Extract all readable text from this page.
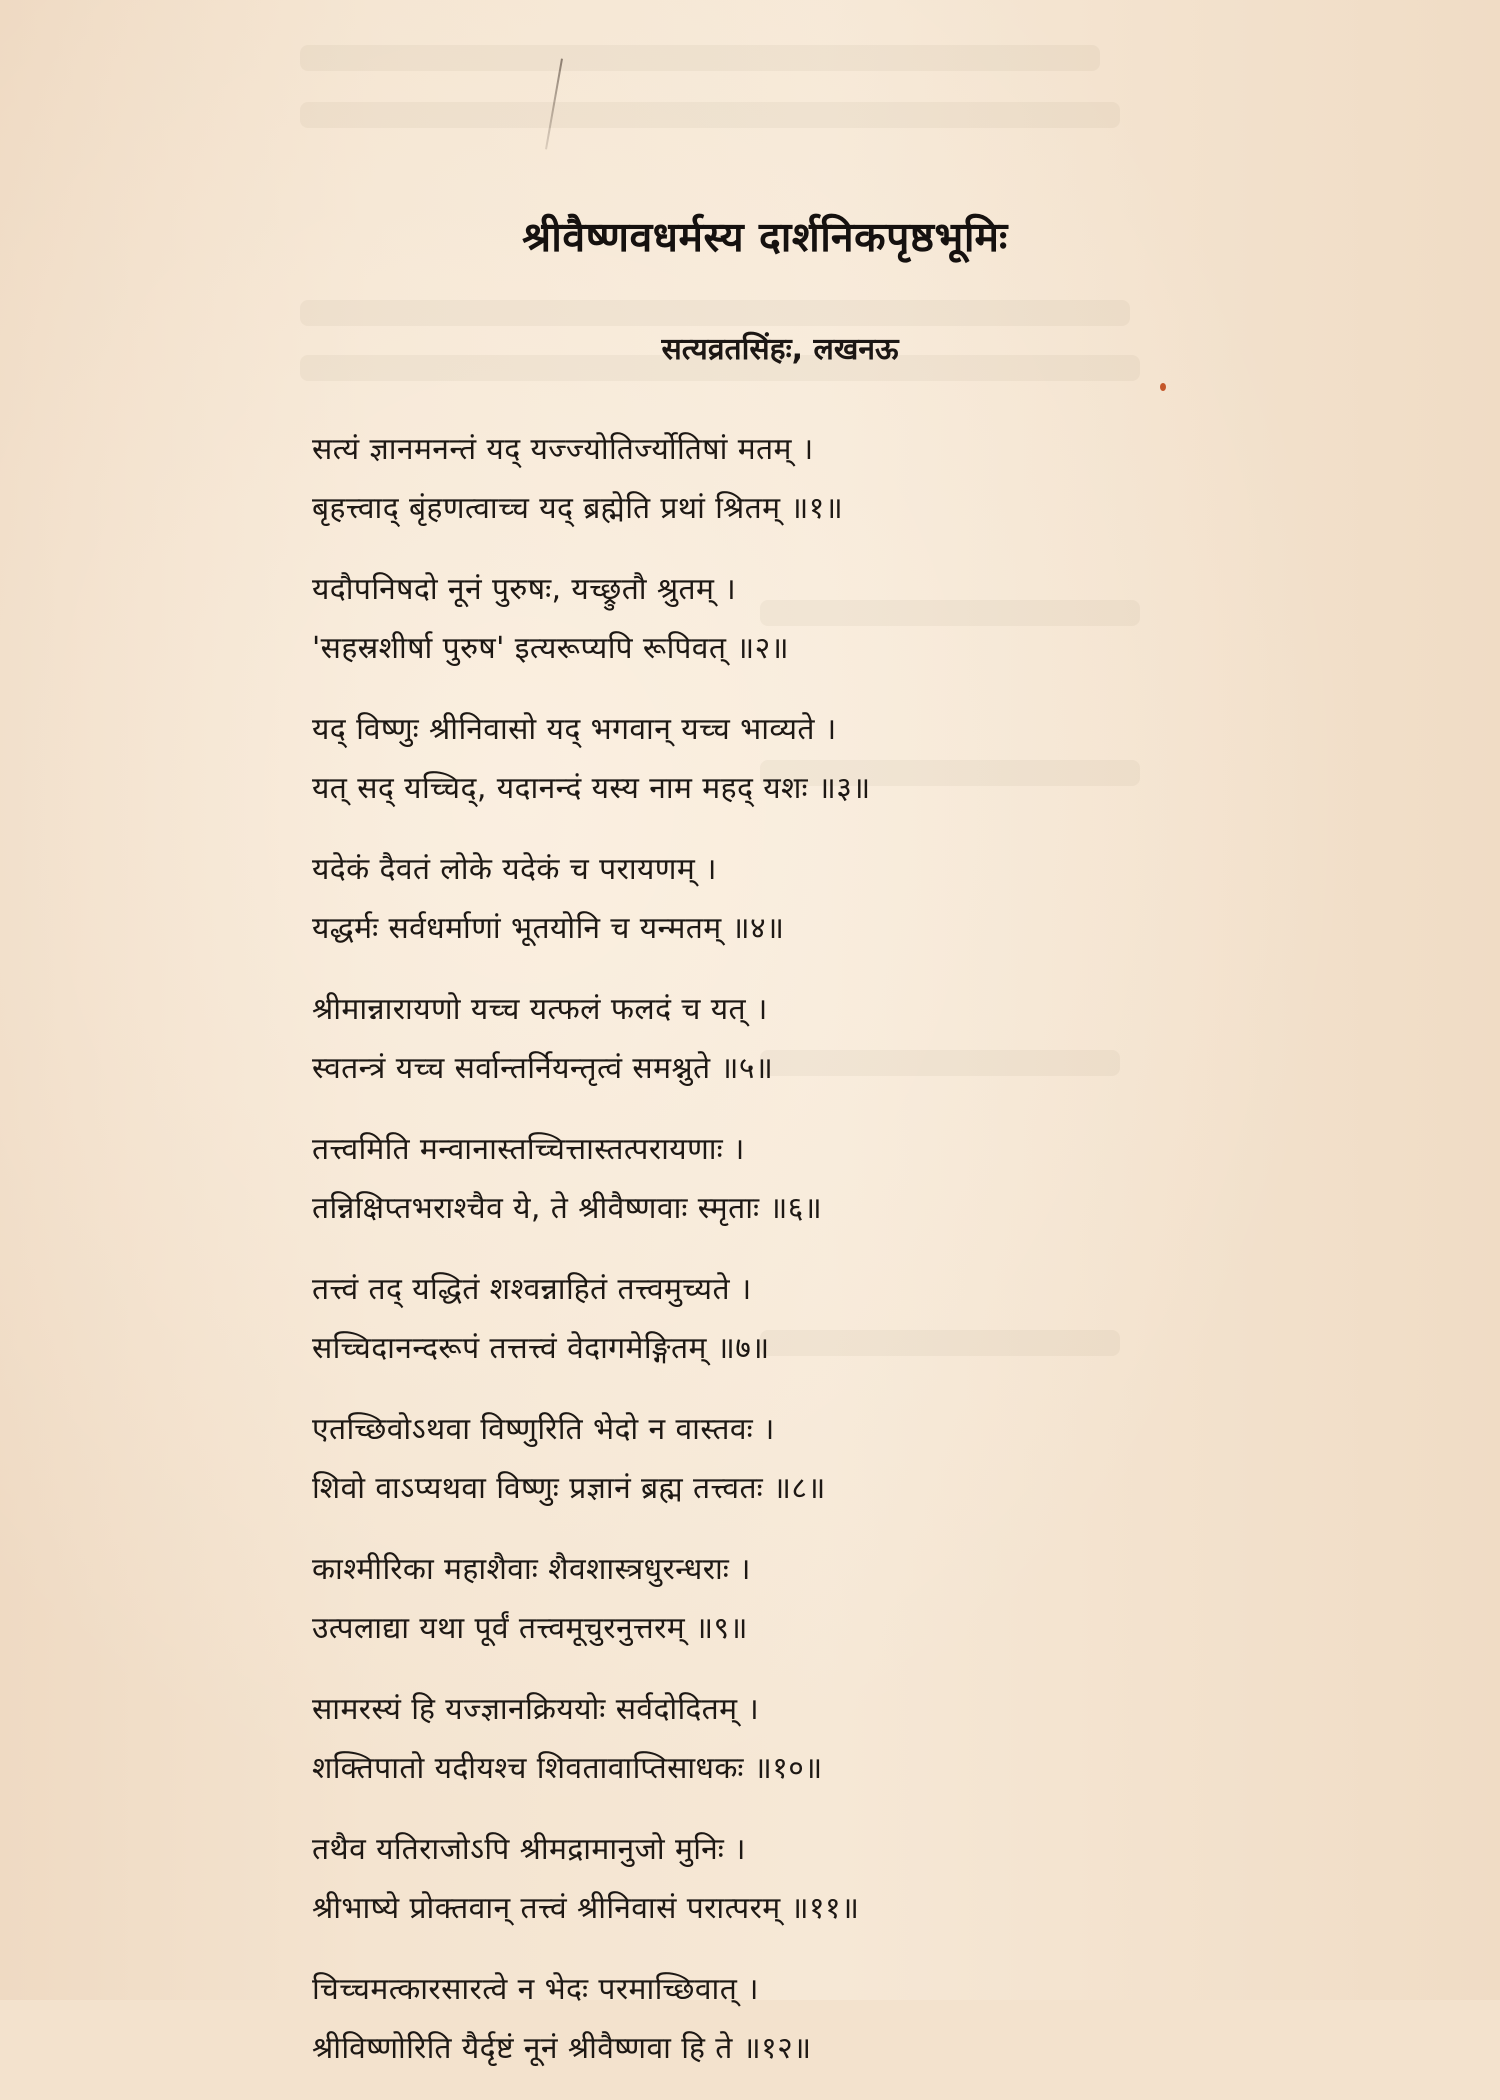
श्रीवैष्णवधर्मस्य दार्शनिकपृष्ठभूमिः
सत्यव्रतसिंहः, लखनऊ
सत्यं ज्ञानमनन्तं यद् यज्ज्योतिर्ज्योतिषां मतम् ।
बृहत्त्वाद् बृंहणत्वाच्च यद् ब्रह्मेति प्रथां श्रितम् ॥१॥
यदौपनिषदो नूनं पुरुषः, यच्छ्रुतौ श्रुतम् ।
'सहस्रशीर्षा पुरुष' इत्यरूप्यपि रूपिवत् ॥२॥
यद् विष्णुः श्रीनिवासो यद् भगवान् यच्च भाव्यते ।
यत् सद् यच्चिद्, यदानन्दं यस्य नाम महद् यशः ॥३॥
यदेकं दैवतं लोके यदेकं च परायणम् ।
यद्धर्मः सर्वधर्माणां भूतयोनि च यन्मतम् ॥४॥
श्रीमान्नारायणो यच्च यत्फलं फलदं च यत् ।
स्वतन्त्रं यच्च सर्वान्तर्नियन्तृत्वं समश्नुते ॥५॥
तत्त्वमिति मन्वानास्तच्चित्तास्तत्परायणाः ।
तन्निक्षिप्तभराश्चैव ये, ते श्रीवैष्णवाः स्मृताः ॥६॥
तत्त्वं तद् यद्धितं शश्वन्नाहितं तत्त्वमुच्यते ।
सच्चिदानन्दरूपं तत्तत्त्वं वेदागमेङ्गितम् ॥७॥
एतच्छिवोऽथवा विष्णुरिति भेदो न वास्तवः ।
शिवो वाऽप्यथवा विष्णुः प्रज्ञानं ब्रह्म तत्त्वतः ॥८॥
काश्मीरिका महाशैवाः शैवशास्त्रधुरन्धराः ।
उत्पलाद्या यथा पूर्वं तत्त्वमूचुरनुत्तरम् ॥९॥
सामरस्यं हि यज्ज्ञानक्रिययोः सर्वदोदितम् ।
शक्तिपातो यदीयश्च शिवतावाप्तिसाधकः ॥१०॥
तथैव यतिराजोऽपि श्रीमद्रामानुजो मुनिः ।
श्रीभाष्ये प्रोक्तवान् तत्त्वं श्रीनिवासं परात्परम् ॥११॥
चिच्चमत्कारसारत्वे न भेदः परमाच्छिवात् ।
श्रीविष्णोरिति यैर्दृष्टं नूनं श्रीवैष्णवा हि ते ॥१२॥
